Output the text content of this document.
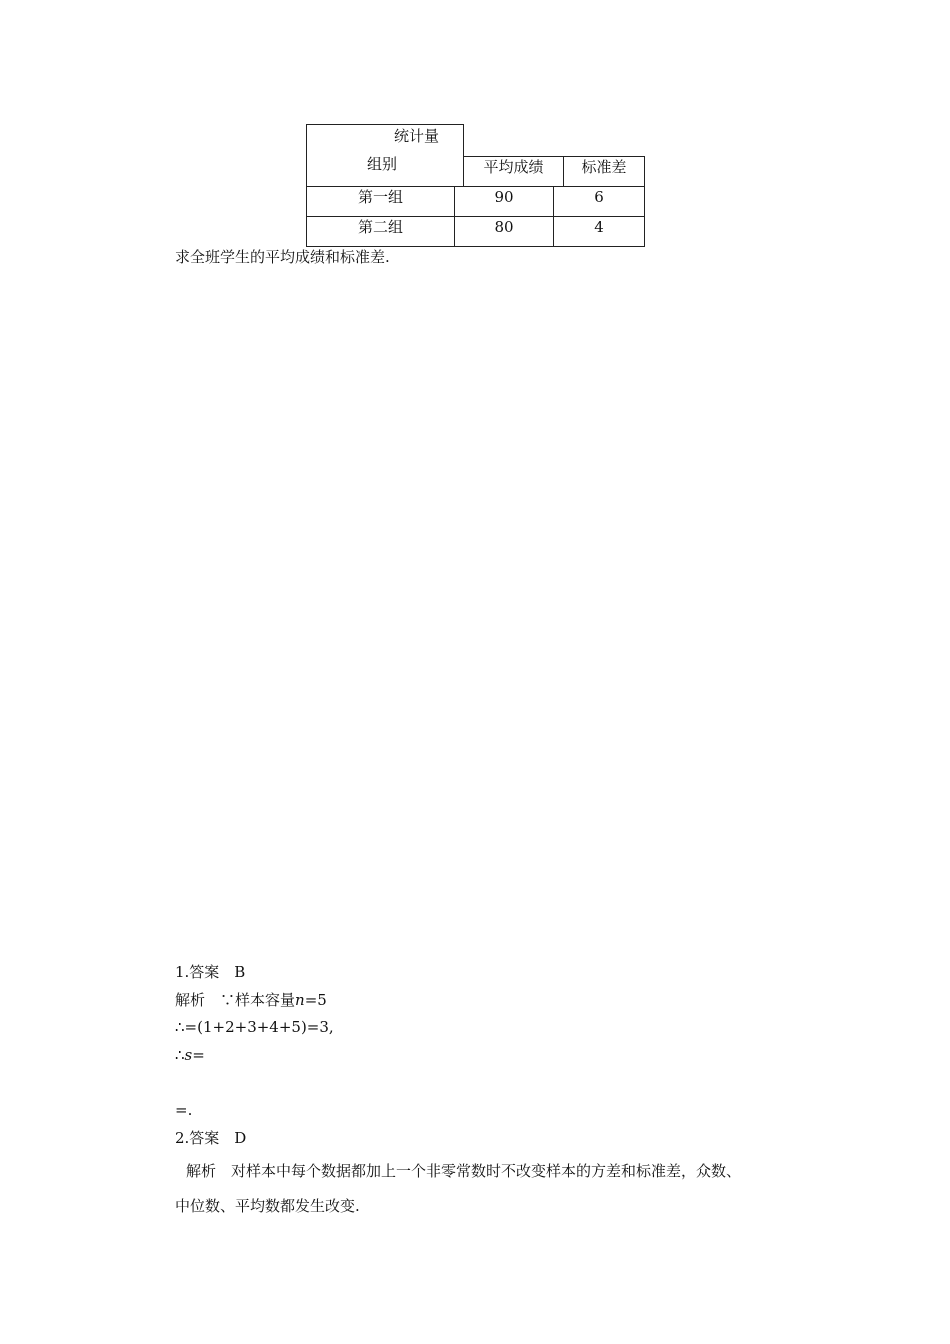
统计量
组别	平均成绩	标准差
第一组	90	6
第二组	80	4
求全班学生的平均成绩和标准差.
1.答案　B
解析　∵样本容量n=5
∴=(1+2+3+4+5)=3,
∴s=
=.
2.答案　D
解析　对样本中每个数据都加上一个非零常数时不改变样本的方差和标准差，众数、
中位数、平均数都发生改变.
